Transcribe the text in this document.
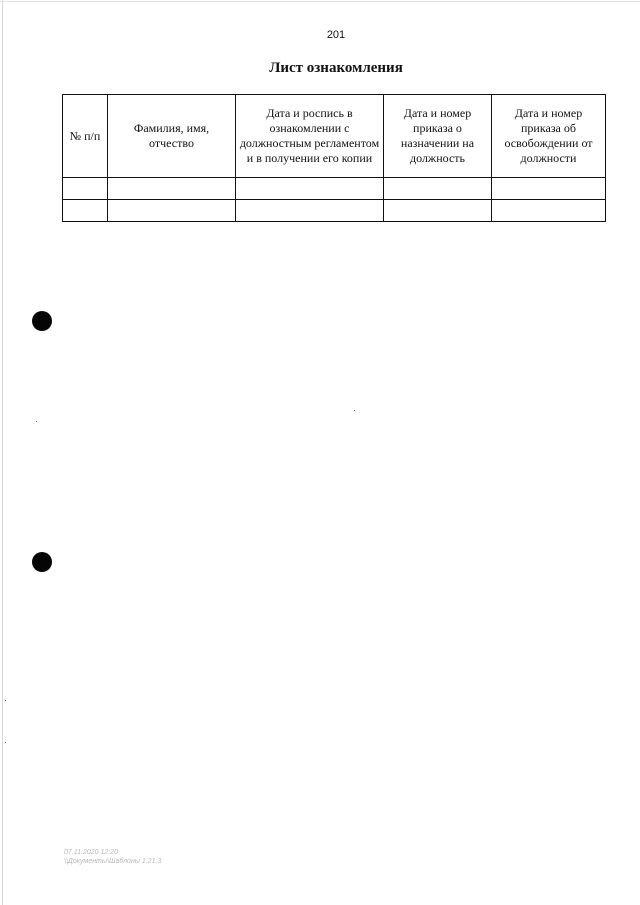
201
Лист ознакомления
№ п/п	Фамилия, имя, отчество	Дата и роспись в ознакомлении с должностным регламентом и в получении его копии	Дата и номер приказа о назначении на должность	Дата и номер приказа об освобождении от должности

07.11.2020 12:20
\\Документы\Шаблоны 1.21.3
